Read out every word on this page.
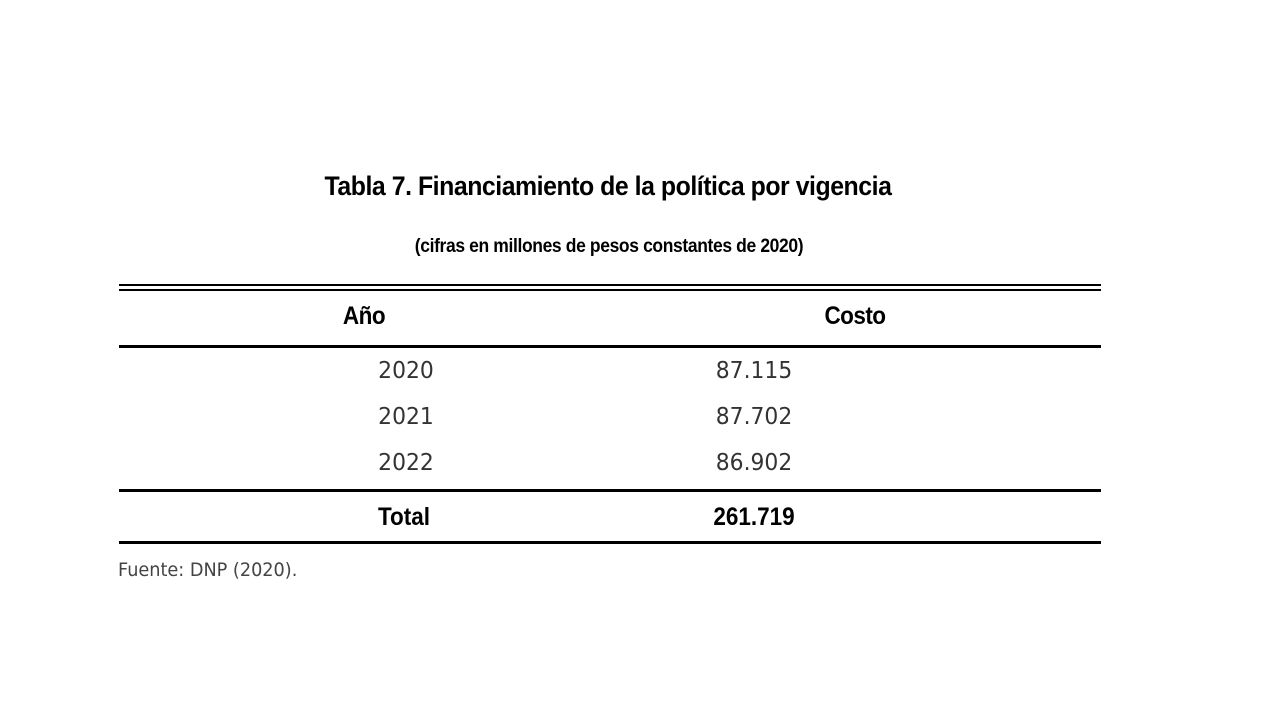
Tabla 7. Financiamiento de la política por vigencia
(cifras en millones de pesos constantes de 2020)
Año	Costo
2020	87.115
2021	87.702
2022	86.902
Total	261.719
Fuente: DNP (2020).
